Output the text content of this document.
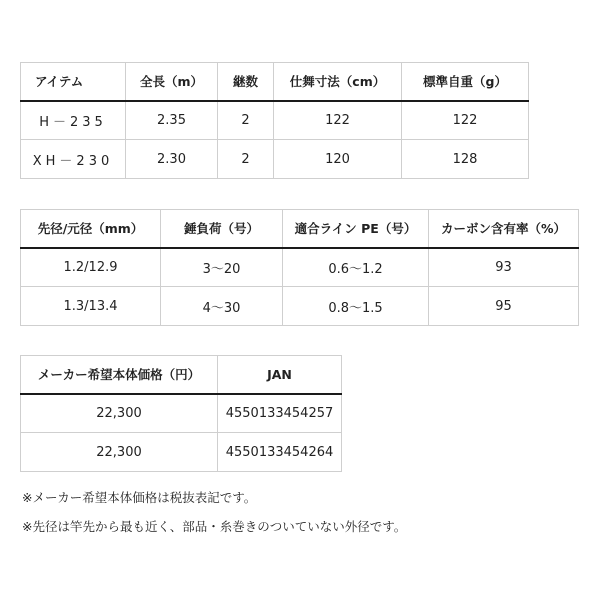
アイテム	全長（m）	継数	仕舞寸法（cm）	標準自重（g）
H－235	2.35	2	122	122
XH－230	2.30	2	120	128
先径/元径（mm）	錘負荷（号）	適合ライン PE（号）	カーボン含有率（%）
1.2/12.9	3～20	0.6～1.2	93
1.3/13.4	4～30	0.8～1.5	95
メーカー希望本体価格（円）	JAN
22,300	4550133454257
22,300	4550133454264

※メーカー希望本体価格は税抜表記です。

※先径は竿先から最も近く、部品・糸巻きのついていない外径です。
